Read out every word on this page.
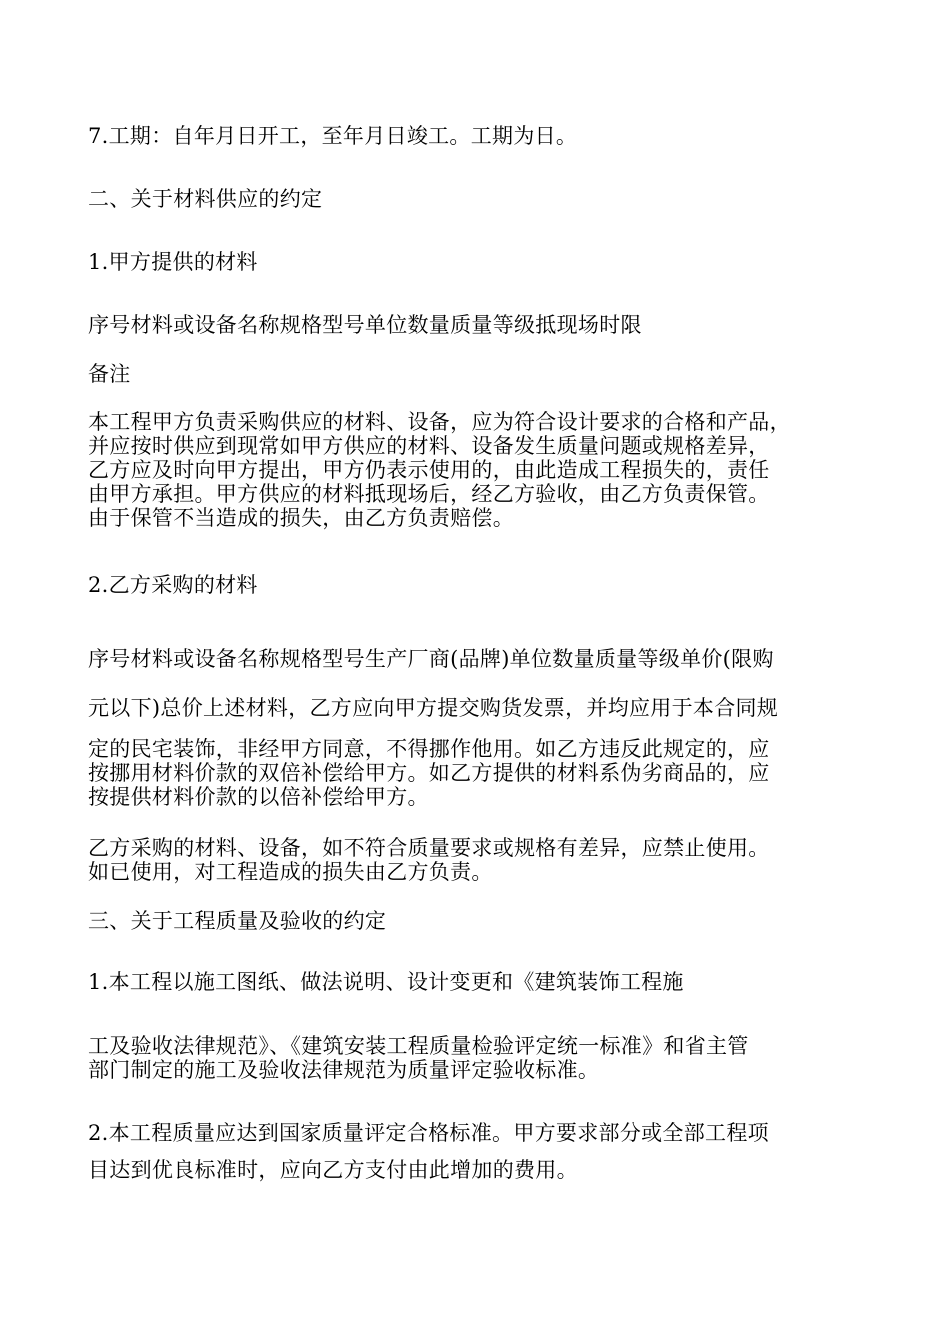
7.工期：自年月日开工，至年月日竣工。工期为日。

二、关于材料供应的约定

1.甲方提供的材料

序号材料或设备名称规格型号单位数量质量等级抵现场时限

备注

本工程甲方负责采购供应的材料、设备，应为符合设计要求的合格和产品，
并应按时供应到现常如甲方供应的材料、设备发生质量问题或规格差异，
乙方应及时向甲方提出，甲方仍表示使用的，由此造成工程损失的，责任
由甲方承担。甲方供应的材料抵现场后，经乙方验收，由乙方负责保管。
由于保管不当造成的损失，由乙方负责赔偿。

2.乙方采购的材料

序号材料或设备名称规格型号生产厂商(品牌)单位数量质量等级单价(限购

元以下)总价上述材料，乙方应向甲方提交购货发票，并均应用于本合同规

定的民宅装饰，非经甲方同意，不得挪作他用。如乙方违反此规定的，应
按挪用材料价款的双倍补偿给甲方。如乙方提供的材料系伪劣商品的，应
按提供材料价款的以倍补偿给甲方。

乙方采购的材料、设备，如不符合质量要求或规格有差异，应禁止使用。
如已使用，对工程造成的损失由乙方负责。

三、关于工程质量及验收的约定

1.本工程以施工图纸、做法说明、设计变更和《建筑装饰工程施

工及验收法律规范》、《建筑安装工程质量检验评定统一标准》和省主管
部门制定的施工及验收法律规范为质量评定验收标准。

2.本工程质量应达到国家质量评定合格标准。甲方要求部分或全部工程项

目达到优良标准时，应向乙方支付由此增加的费用。
